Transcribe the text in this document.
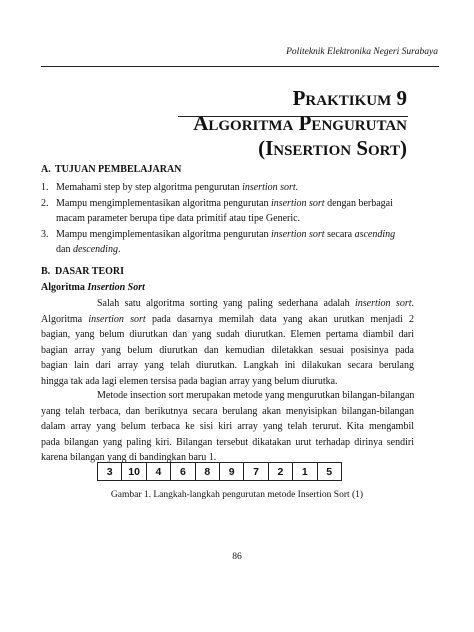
Politeknik Elektronika Negeri Surabaya
Praktikum 9
Algoritma Pengurutan
(Insertion Sort)
A. TUJUAN PEMBELAJARAN
1. Memahami step by step algoritma pengurutan insertion sort.
2. Mampu mengimplementasikan algoritma pengurutan insertion sort dengan berbagai
macam parameter berupa tipe data primitif atau tipe Generic.
3. Mampu mengimplementasikan algoritma pengurutan insertion sort secara ascending
dan descending.
B. DASAR TEORI
Algoritma Insertion Sort
Salah satu algoritma sorting yang paling sederhana adalah insertion sort.
Algoritma insertion sort pada dasarnya memilah data yang akan urutkan menjadi 2
bagian, yang belum diurutkan dan yang sudah diurutkan. Elemen pertama diambil dari
bagian array yang belum diurutkan dan kemudian diletakkan sesuai posisinya pada
bagian lain dari array yang telah diurutkan. Langkah ini dilakukan secara berulang
hingga tak ada lagi elemen tersisa pada bagian array yang belum diurutka.
Metode insection sort merupakan metode yang mengurutkan bilangan-bilangan
yang telah terbaca, dan berikutnya secara berulang akan menyisipkan bilangan-bilangan
dalam array yang belum terbaca ke sisi kiri array yang telah terurut. Kita mengambil
pada bilangan yang paling kiri. Bilangan tersebut dikatakan urut terhadap dirinya sendiri
karena bilangan yang di bandingkan baru 1.
3	10	4	6	8	9	7	2	1	5
Gambar 1. Langkah-langkah pengurutan metode Insertion Sort (1)
86
